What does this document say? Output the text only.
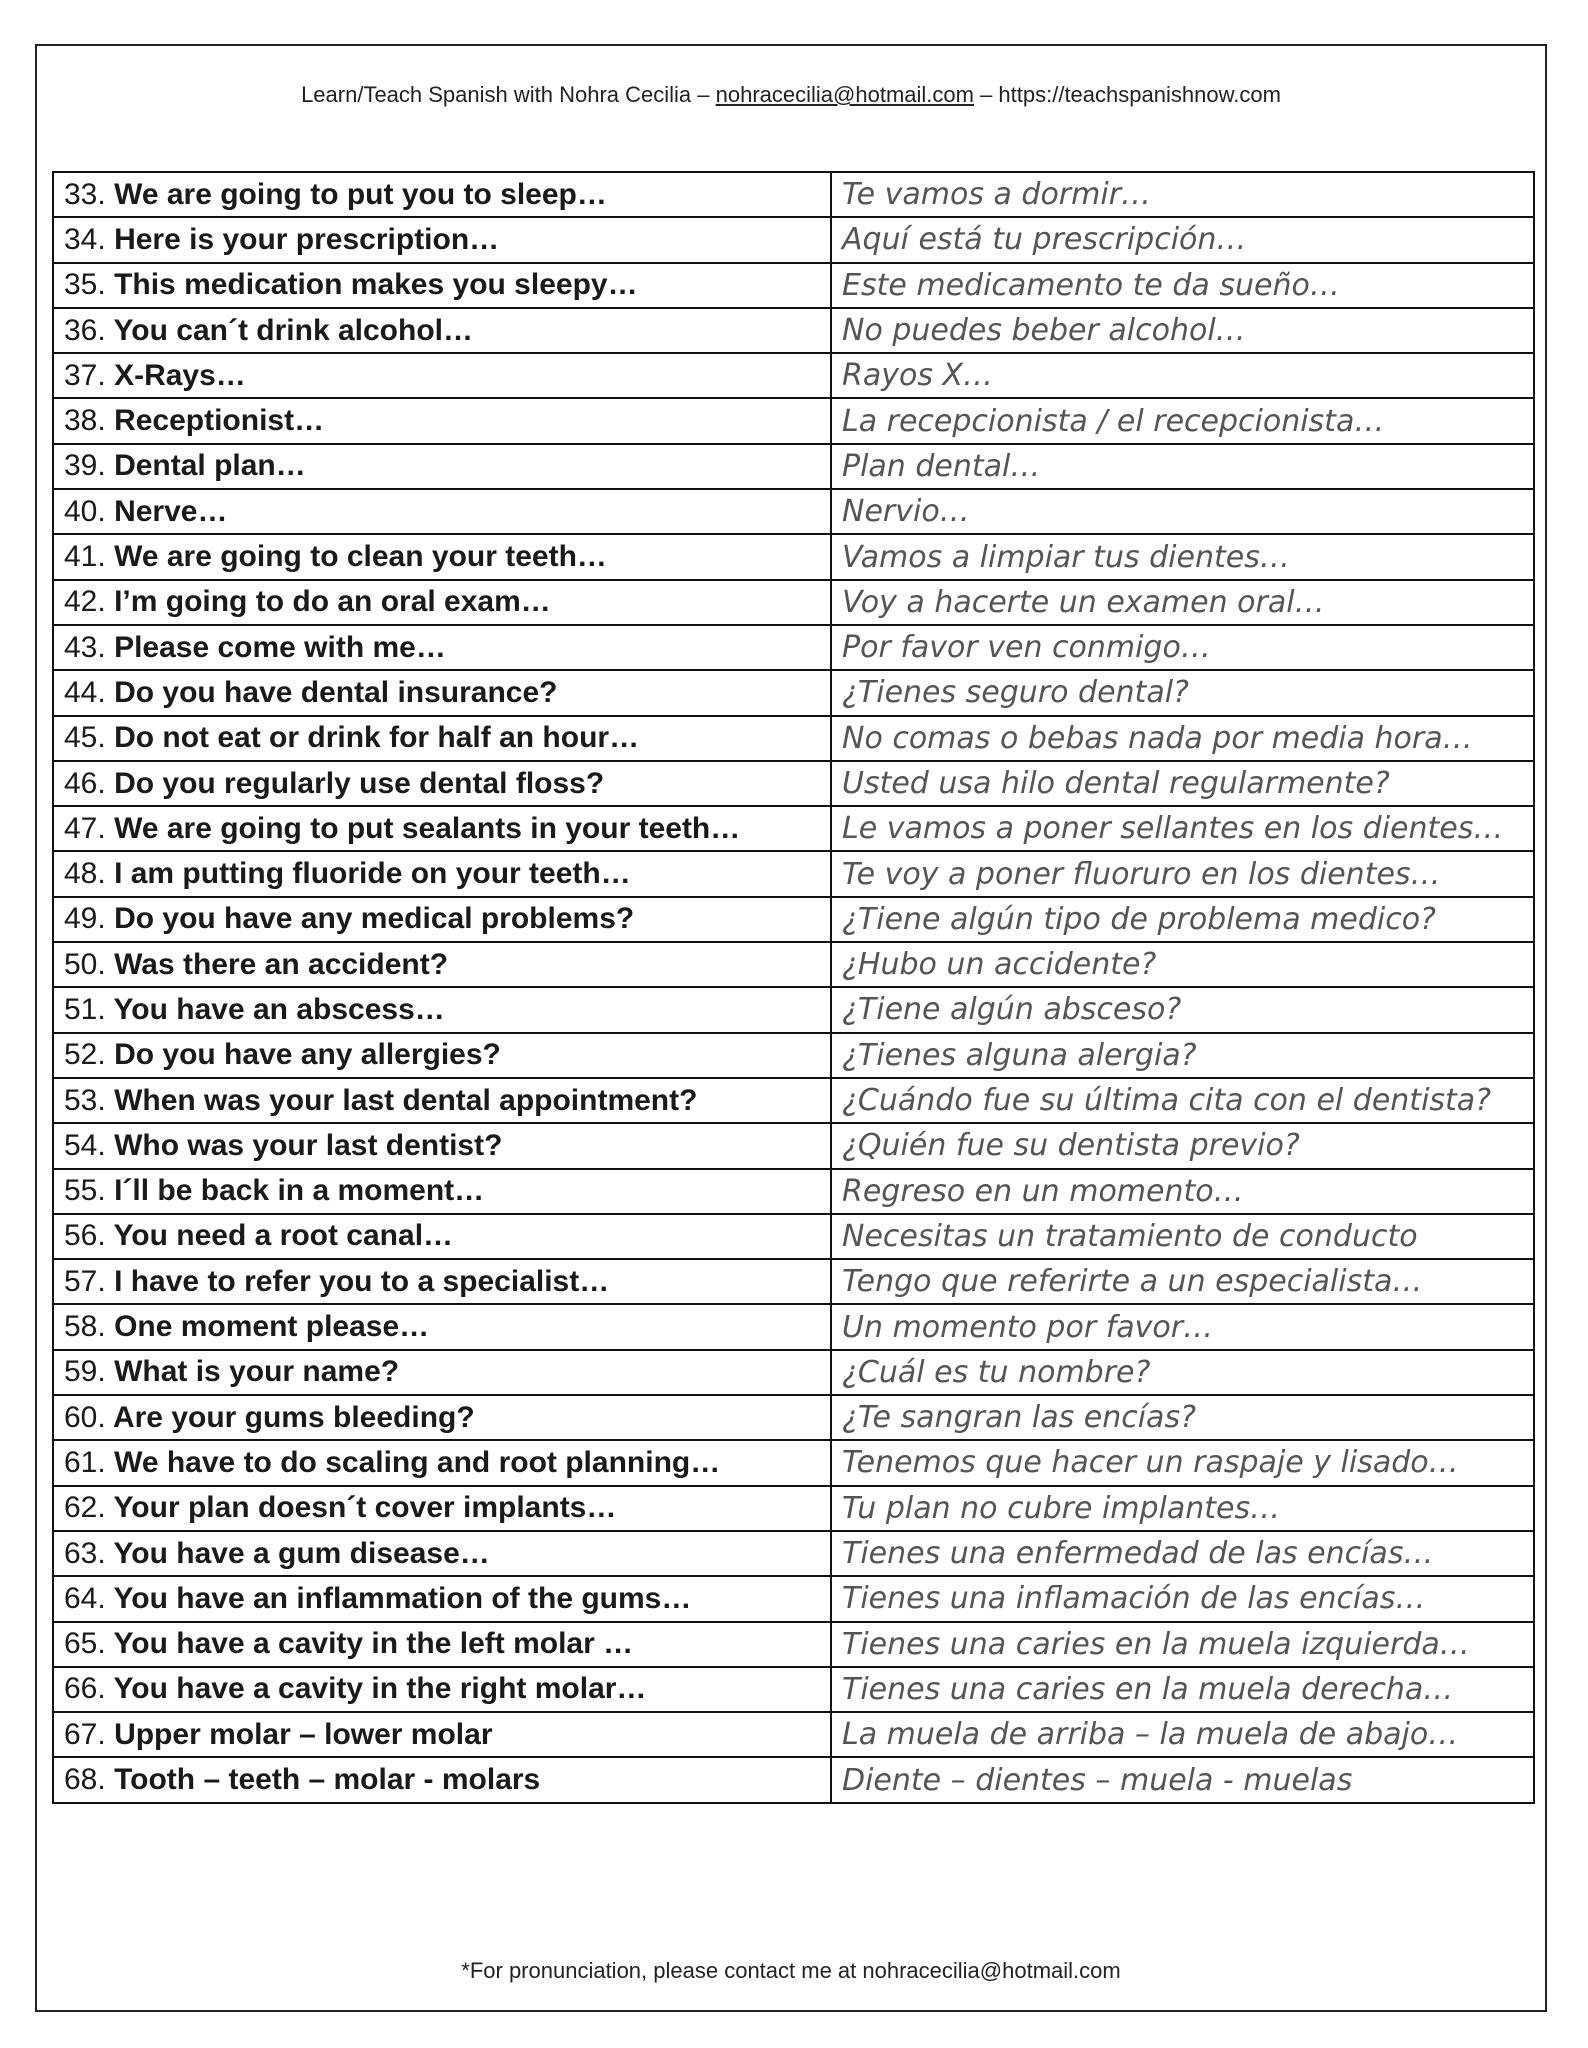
Learn/Teach Spanish with Nohra Cecilia – nohracecilia@hotmail.com – https://teachspanishnow.com
33. We are going to put you to sleep…	Te vamos a dormir…
34. Here is your prescription…	Aquí está tu prescripción…
35. This medication makes you sleepy…	Este medicamento te da sueño…
36. You can´t drink alcohol…	No puedes beber alcohol…
37. X-Rays…	Rayos X…
38. Receptionist…	La recepcionista / el recepcionista…
39. Dental plan…	Plan dental…
40. Nerve…	Nervio…
41. We are going to clean your teeth…	Vamos a limpiar tus dientes…
42. I’m going to do an oral exam…	Voy a hacerte un examen oral…
43. Please come with me…	Por favor ven conmigo…
44. Do you have dental insurance?	¿Tienes seguro dental?
45. Do not eat or drink for half an hour…	No comas o bebas nada por media hora…
46. Do you regularly use dental floss?	Usted usa hilo dental regularmente?
47. We are going to put sealants in your teeth…	Le vamos a poner sellantes en los dientes…
48. I am putting fluoride on your teeth…	Te voy a poner fluoruro en los dientes…
49. Do you have any medical problems?	¿Tiene algún tipo de problema medico?
50. Was there an accident?	¿Hubo un accidente?
51. You have an abscess…	¿Tiene algún absceso?
52. Do you have any allergies?	¿Tienes alguna alergia?
53. When was your last dental appointment?	¿Cuándo fue su última cita con el dentista?
54. Who was your last dentist?	¿Quién fue su dentista previo?
55. I´ll be back in a moment…	Regreso en un momento…
56. You need a root canal…	Necesitas un tratamiento de conducto
57. I have to refer you to a specialist…	Tengo que referirte a un especialista…
58. One moment please…	Un momento por favor…
59. What is your name?	¿Cuál es tu nombre?
60. Are your gums bleeding?	¿Te sangran las encías?
61. We have to do scaling and root planning…	Tenemos que hacer un raspaje y lisado…
62. Your plan doesn´t cover implants…	Tu plan no cubre implantes…
63. You have a gum disease…	Tienes una enfermedad de las encías…
64. You have an inflammation of the gums…	Tienes una inflamación de las encías…
65. You have a cavity in the left molar …	Tienes una caries en la muela izquierda…
66. You have a cavity in the right molar…	Tienes una caries en la muela derecha…
67. Upper molar – lower molar	La muela de arriba – la muela de abajo…
68. Tooth – teeth – molar - molars	Diente – dientes – muela - muelas
*For pronunciation, please contact me at nohracecilia@hotmail.com
